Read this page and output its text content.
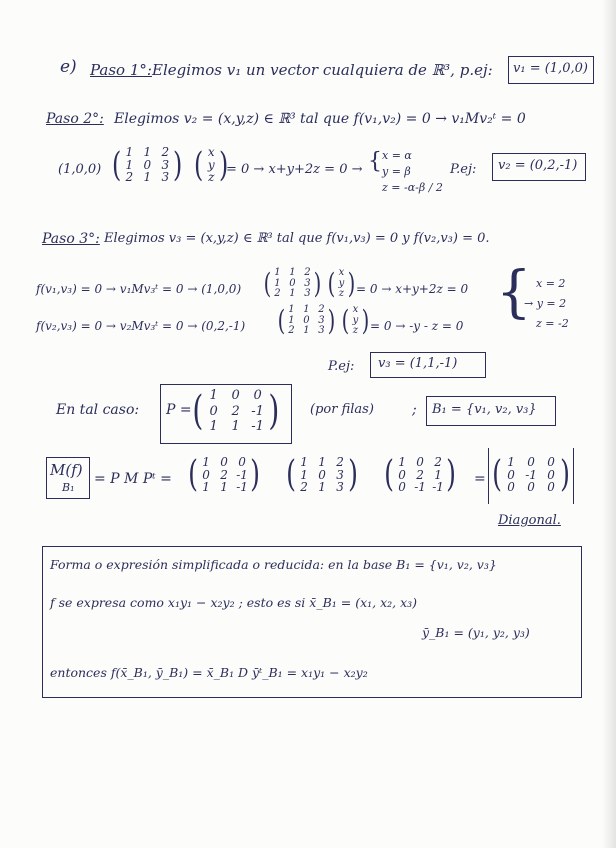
e) Paso 1°: Elegimos v₁ un vector cualquiera de ℝ³, p.ej: v₁ = (1,0,0)
Paso 2°: Elegimos v₂ = (x,y,z) ∈ ℝ³ tal que f(v₁,v₂) = 0 → v₁Mv₂ᵗ = 0
(1,0,0) ( 1 1 2
1 0 3
2 1 3 ) ( x
y
z )
= 0 → x+y+2z = 0 → { x = α
y = β
z = -α-β / 2
P.ej: v₂ = (0,2,-1)
Paso 3°: Elegimos v₃ = (x,y,z) ∈ ℝ³ tal que f(v₁,v₃) = 0 y f(v₂,v₃) = 0.
f(v₁,v₃) = 0 → v₁Mv₃ᵗ = 0 → (1,0,0) ( 1 1 2
1 0 3
2 1 3 ) ( x
y
z ) = 0 → x+y+2z = 0
f(v₂,v₃) = 0 → v₂Mv₃ᵗ = 0 → (0,2,-1) ( 1 1 2
1 0 3
2 1 3 ) ( x
y
z ) = 0 → -y - z = 0
{ x = 2
→ y = 2
z = -2
P.ej: v₃ = (1,1,-1)
En tal caso: P = ( 1 0 0
0 2 -1
1 1 -1 ) (por filas)	; B₁ = {v₁, v₂, v₃}
M(f)
B₁
= P M Pᵗ = ( 1 0 0
0 2 -1
1 1 -1 ) ( 1 1 2
1 0 3
2 1 3 ) ( 1 0 2
0 2 1
0 -1 -1 ) = ( 1 0 0
0 -1 0
0 0 0 )
Diagonal.
Forma o expresión simplificada o reducida: en la base B₁ = {v₁, v₂, v₃}
f se expresa como x₁y₁ − x₂y₂ ; esto es si x̄_B₁ = (x₁, x₂, x₃)
ȳ_B₁ = (y₁, y₂, y₃)
entonces f(x̄_B₁, ȳ_B₁) = x̄_B₁ D ȳᵗ_B₁ = x₁y₁ − x₂y₂
